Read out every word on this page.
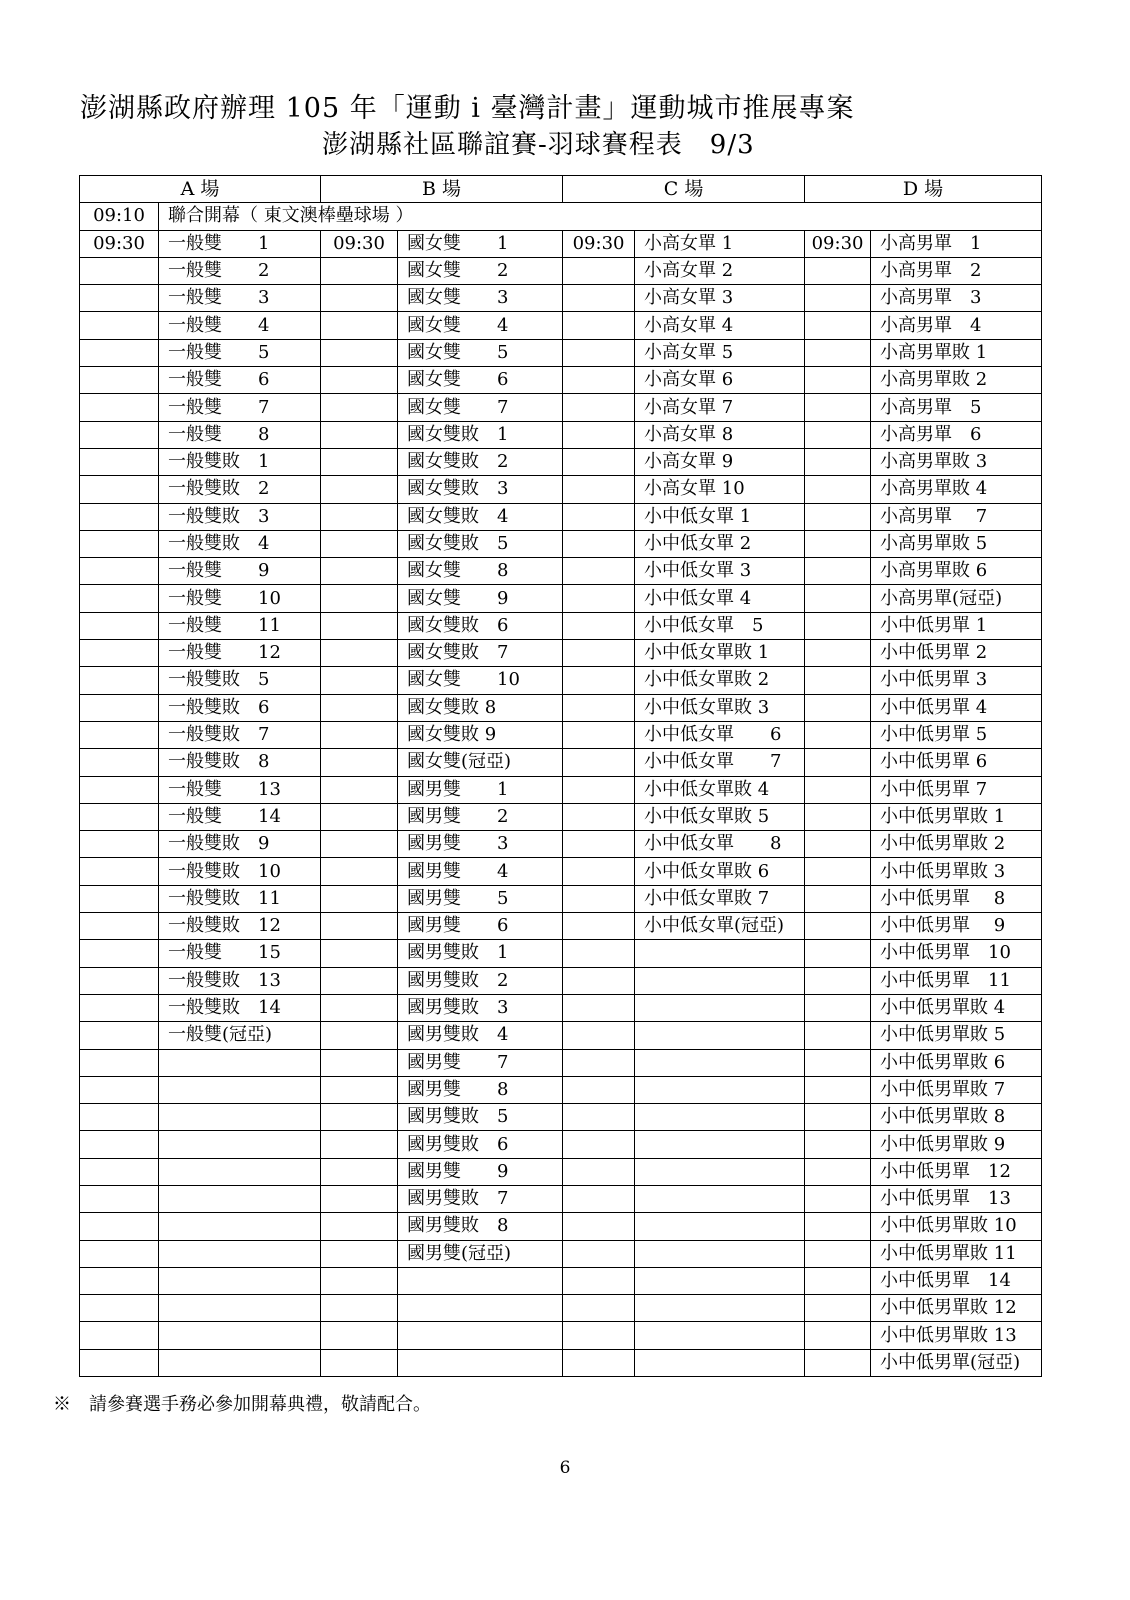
澎湖縣政府辦理 105 年「運動 i 臺灣計畫」運動城市推展專案
澎湖縣社區聯誼賽-羽球賽程表　9/3
A 場		B 場		C 場		D 場	
09:10	聯合開幕（ 東文澳棒壘球場 ）						
09:30	一般雙　　1	09:30	國女雙　　1	09:30	小高女單 1	09:30	小高男單　1
	一般雙　　2		國女雙　　2		小高女單 2		小高男單　2
	一般雙　　3		國女雙　　3		小高女單 3		小高男單　3
	一般雙　　4		國女雙　　4		小高女單 4		小高男單　4
	一般雙　　5		國女雙　　5		小高女單 5		小高男單敗 1
	一般雙　　6		國女雙　　6		小高女單 6		小高男單敗 2
	一般雙　　7		國女雙　　7		小高女單 7		小高男單　5
	一般雙　　8		國女雙敗　1		小高女單 8		小高男單　6
	一般雙敗　1		國女雙敗　2		小高女單 9		小高男單敗 3
	一般雙敗　2		國女雙敗　3		小高女單 10		小高男單敗 4
	一般雙敗　3		國女雙敗　4		小中低女單 1		小高男單　 7
	一般雙敗　4		國女雙敗　5		小中低女單 2		小高男單敗 5
	一般雙　　9		國女雙　　8		小中低女單 3		小高男單敗 6
	一般雙　　10		國女雙　　9		小中低女單 4		小高男單(冠亞)
	一般雙　　11		國女雙敗　6		小中低女單　5		小中低男單 1
	一般雙　　12		國女雙敗　7		小中低女單敗 1		小中低男單 2
	一般雙敗　5		國女雙　　10		小中低女單敗 2		小中低男單 3
	一般雙敗　6		國女雙敗 8		小中低女單敗 3		小中低男單 4
	一般雙敗　7		國女雙敗 9		小中低女單　　6		小中低男單 5
	一般雙敗　8		國女雙(冠亞)		小中低女單　　7		小中低男單 6
	一般雙　　13		國男雙　　1		小中低女單敗 4		小中低男單 7
	一般雙　　14		國男雙　　2		小中低女單敗 5		小中低男單敗 1
	一般雙敗　9		國男雙　　3		小中低女單　　8		小中低男單敗 2
	一般雙敗　10		國男雙　　4		小中低女單敗 6		小中低男單敗 3
	一般雙敗　11		國男雙　　5		小中低女單敗 7		小中低男單　 8
	一般雙敗　12		國男雙　　6		小中低女單(冠亞)		小中低男單　 9
	一般雙　　15		國男雙敗　1				小中低男單　10
	一般雙敗　13		國男雙敗　2				小中低男單　11
	一般雙敗　14		國男雙敗　3				小中低男單敗 4
	一般雙(冠亞)		國男雙敗　4				小中低男單敗 5
			國男雙　　7				小中低男單敗 6
			國男雙　　8				小中低男單敗 7
			國男雙敗　5				小中低男單敗 8
			國男雙敗　6				小中低男單敗 9
			國男雙　　9				小中低男單　12
			國男雙敗　7				小中低男單　13
			國男雙敗　8				小中低男單敗 10
			國男雙(冠亞)				小中低男單敗 11
							小中低男單　14
							小中低男單敗 12
							小中低男單敗 13
							小中低男單(冠亞)
※　請參賽選手務必參加開幕典禮，敬請配合。
6
